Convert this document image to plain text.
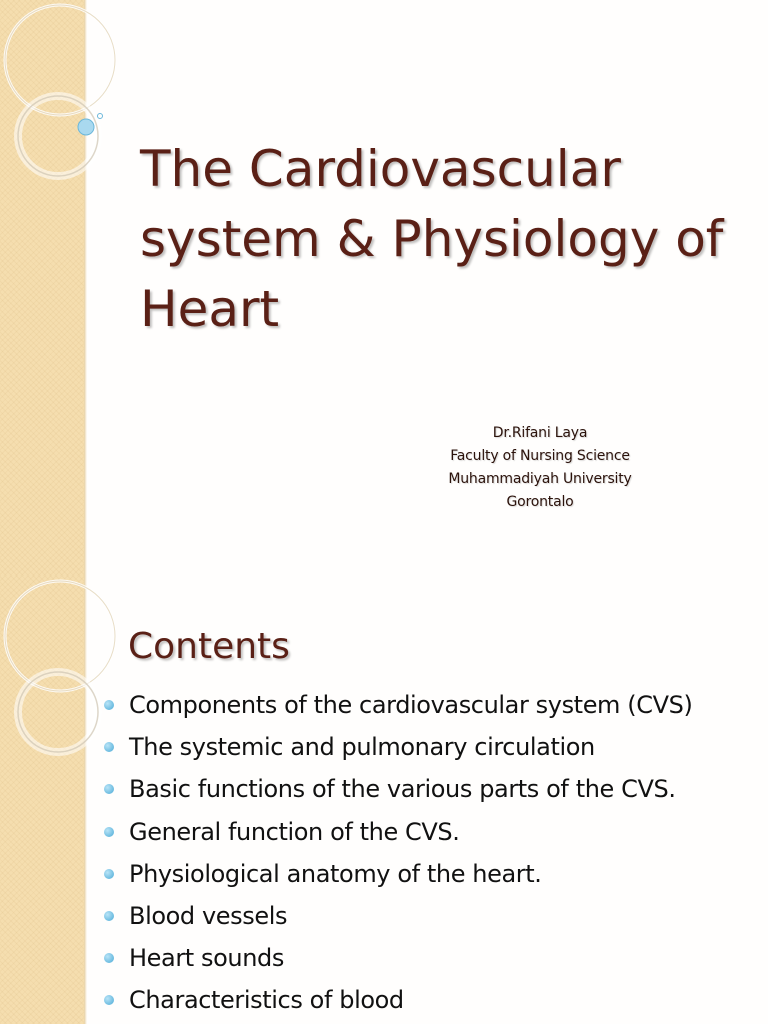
The Cardiovascular
system & Physiology of
Heart
Dr.Rifani Laya
Faculty of Nursing Science
Muhammadiyah University
Gorontalo
Contents
Components of the cardiovascular system (CVS)
The systemic and pulmonary circulation
Basic functions of the various parts of the CVS.
General function of the CVS.
Physiological anatomy of the heart.
Blood vessels
Heart sounds
Characteristics of blood
